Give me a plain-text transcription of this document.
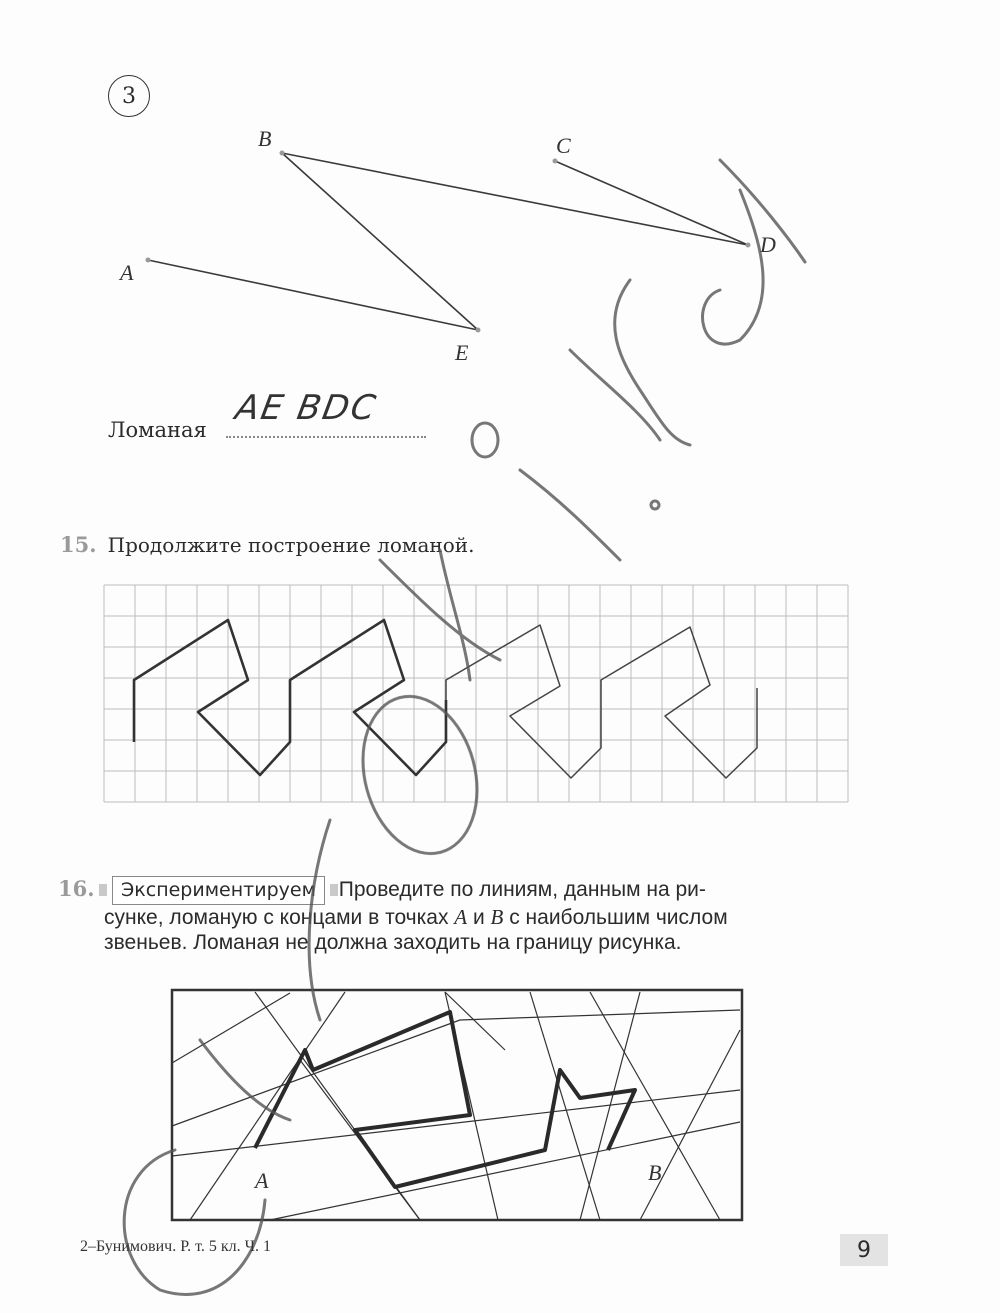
3
A
B	C
D
E
Ломаная
AE BDC
15. Продолжите построение ломаной.
16.	Экспериментируем Проведите по линиям, данным на ри-
сунке, ломаную с концами в точках A и B с наибольшим числом
звеньев. Ломаная не должна заходить на границу рисунка.
A	B
2–Бунимович. Р. т. 5 кл. Ч. 1	9
